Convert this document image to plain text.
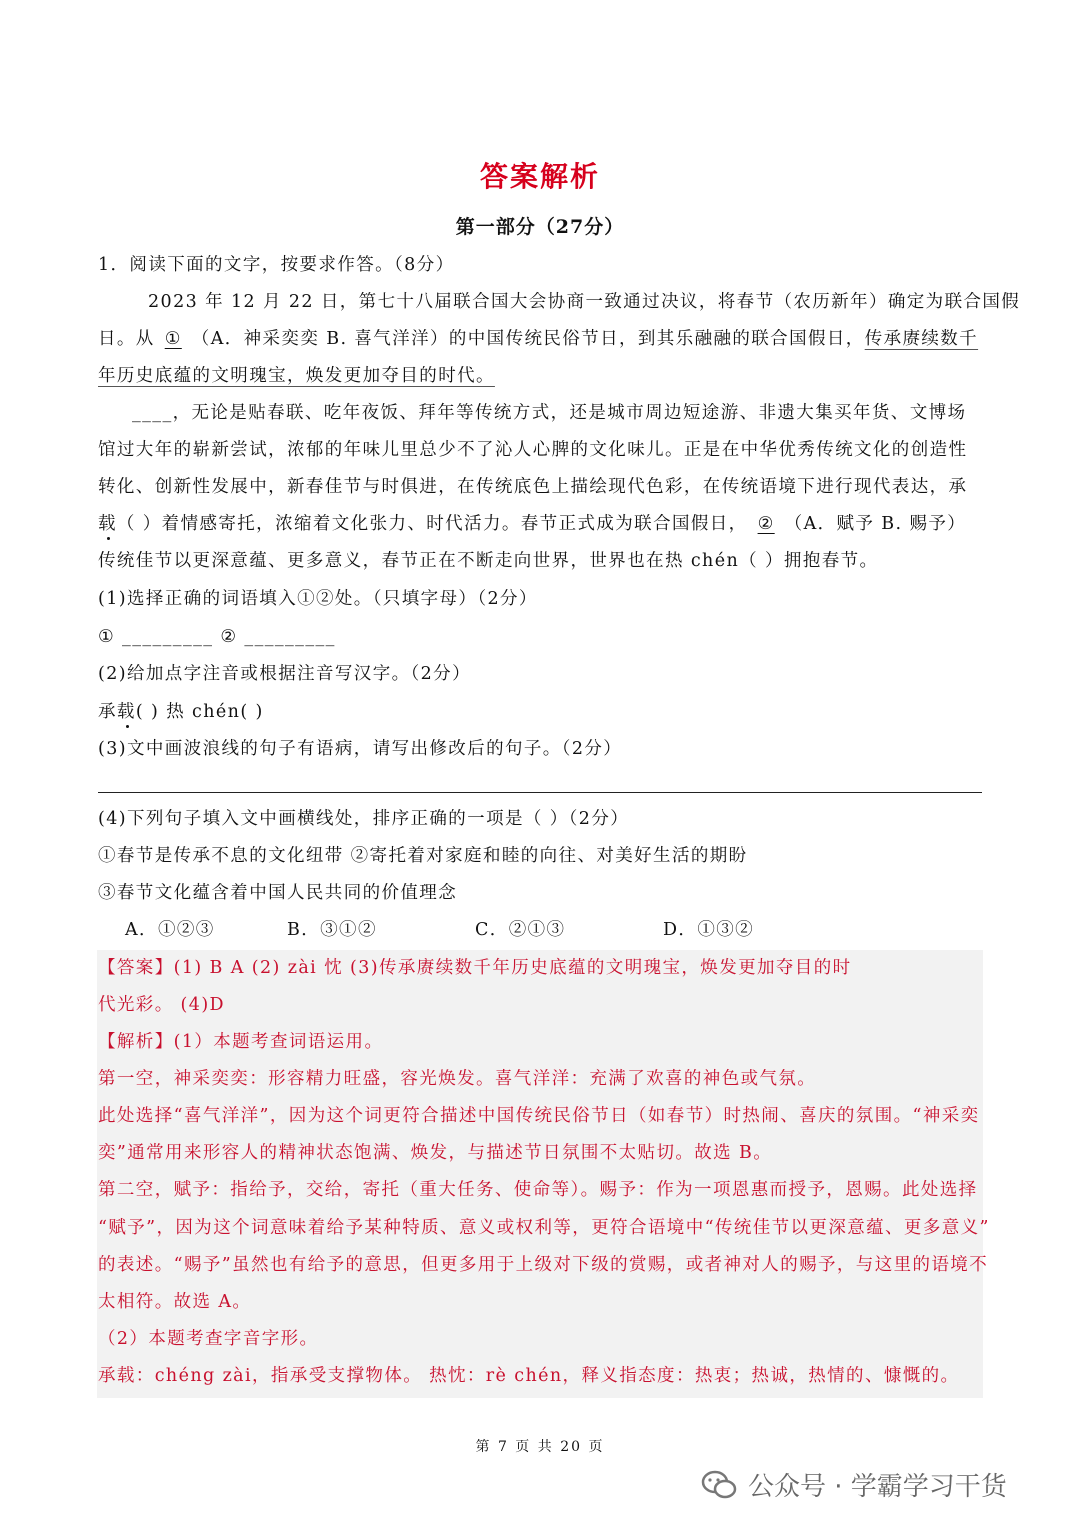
答案解析
第一部分（27分）
1．阅读下面的文字，按要求作答。（8分）
2023 年 12 月 22 日，第七十八届联合国大会协商一致通过决议，将春节（农历新年）确定为联合国假
日。从 ① （A．神采奕奕 B. 喜气洋洋）的中国传统民俗节日，到其乐融融的联合国假日，传承赓续数千
年历史底蕴的文明瑰宝，焕发更加夺目的时代。
____，无论是贴春联、吃年夜饭、拜年等传统方式，还是城市周边短途游、非遗大集买年货、文博场
馆过大年的崭新尝试，浓郁的年味儿里总少不了沁人心脾的文化味儿。正是在中华优秀传统文化的创造性
转化、创新性发展中，新春佳节与时俱进，在传统底色上描绘现代色彩，在传统语境下进行现代表达，承
载（ ）着情感寄托，浓缩着文化张力、时代活力。春节正式成为联合国假日， ② （A．赋予 B. 赐予）
传统佳节以更深意蕴、更多意义，春节正在不断走向世界，世界也在热 chén（ ）拥抱春节。
(1)选择正确的词语填入①②处。（只填字母）（2分）
① _________ ② _________
(2)给加点字注音或根据注音写汉字。（2分）
承载( ) 热 chén( )
(3)文中画波浪线的句子有语病，请写出修改后的句子。（2分）
(4)下列句子填入文中画横线处，排序正确的一项是（ ）（2分）
①春节是传承不息的文化纽带 ②寄托着对家庭和睦的向往、对美好生活的期盼
③春节文化蕴含着中国人民共同的价值理念
A．①②③	B．③①②	C．②①③	D．①③②
【答案】(1) B A (2) zài 忱 (3)传承赓续数千年历史底蕴的文明瑰宝，焕发更加夺目的时
代光彩。 (4)D
【解析】(1）本题考查词语运用。
第一空，神采奕奕：形容精力旺盛，容光焕发。喜气洋洋：充满了欢喜的神色或气氛。
此处选择“喜气洋洋”，因为这个词更符合描述中国传统民俗节日（如春节）时热闹、喜庆的氛围。“神采奕
奕”通常用来形容人的精神状态饱满、焕发，与描述节日氛围不太贴切。故选 B。
第二空，赋予：指给予，交给，寄托（重大任务、使命等）。赐予：作为一项恩惠而授予，恩赐。此处选择
“赋予”，因为这个词意味着给予某种特质、意义或权利等，更符合语境中“传统佳节以更深意蕴、更多意义”
的表述。“赐予”虽然也有给予的意思，但更多用于上级对下级的赏赐，或者神对人的赐予，与这里的语境不
太相符。故选 A。
（2）本题考查字音字形。
承载：chéng zài，指承受支撑物体。 热忱：rè chén，释义指态度：热衷；热诚，热情的、慷慨的。
第 7 页 共 20 页
公众号 · 学霸学习干货
